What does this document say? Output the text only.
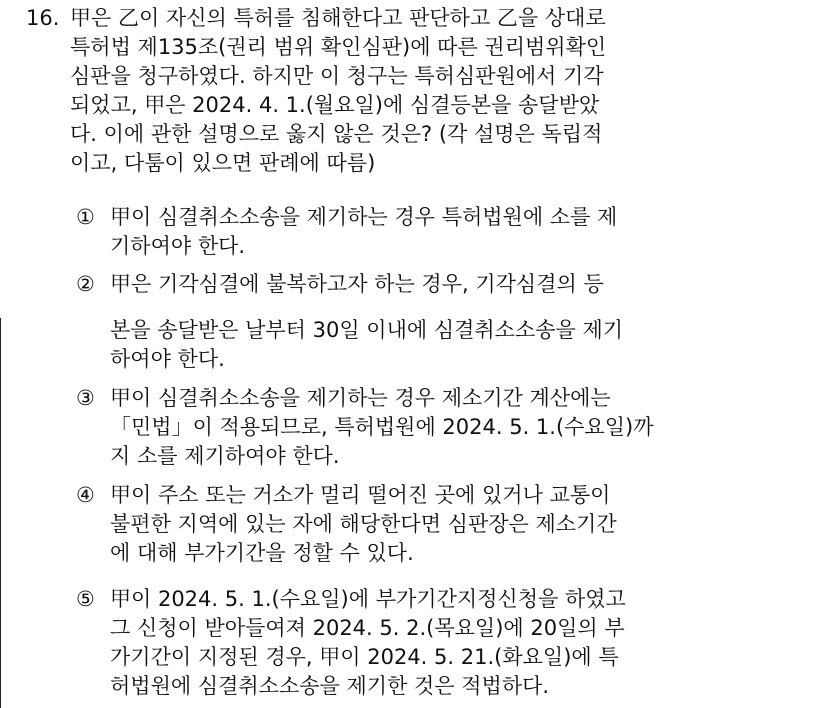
16. 甲은 乙이 자신의 특허를 침해한다고 판단하고 乙을 상대로
특허법 제135조(권리 범위 확인심판)에 따른 권리범위확인
심판을 청구하였다. 하지만 이 청구는 특허심판원에서 기각
되었고, 甲은 2024. 4. 1.(월요일)에 심결등본을 송달받았
다. 이에 관한 설명으로 옳지 않은 것은? (각 설명은 독립적
이고, 다툼이 있으면 판례에 따름)
① 甲이 심결취소소송을 제기하는 경우 특허법원에 소를 제
기하여야 한다.
② 甲은 기각심결에 불복하고자 하는 경우, 기각심결의 등
본을 송달받은 날부터 30일 이내에 심결취소소송을 제기
하여야 한다.
③ 甲이 심결취소소송을 제기하는 경우 제소기간 계산에는
「민법」이 적용되므로, 특허법원에 2024. 5. 1.(수요일)까
지 소를 제기하여야 한다.
④ 甲이 주소 또는 거소가 멀리 떨어진 곳에 있거나 교통이
불편한 지역에 있는 자에 해당한다면 심판장은 제소기간
에 대해 부가기간을 정할 수 있다.
⑤ 甲이 2024. 5. 1.(수요일)에 부가기간지정신청을 하였고
그 신청이 받아들여져 2024. 5. 2.(목요일)에 20일의 부
가기간이 지정된 경우, 甲이 2024. 5. 21.(화요일)에 특
허법원에 심결취소소송을 제기한 것은 적법하다.
